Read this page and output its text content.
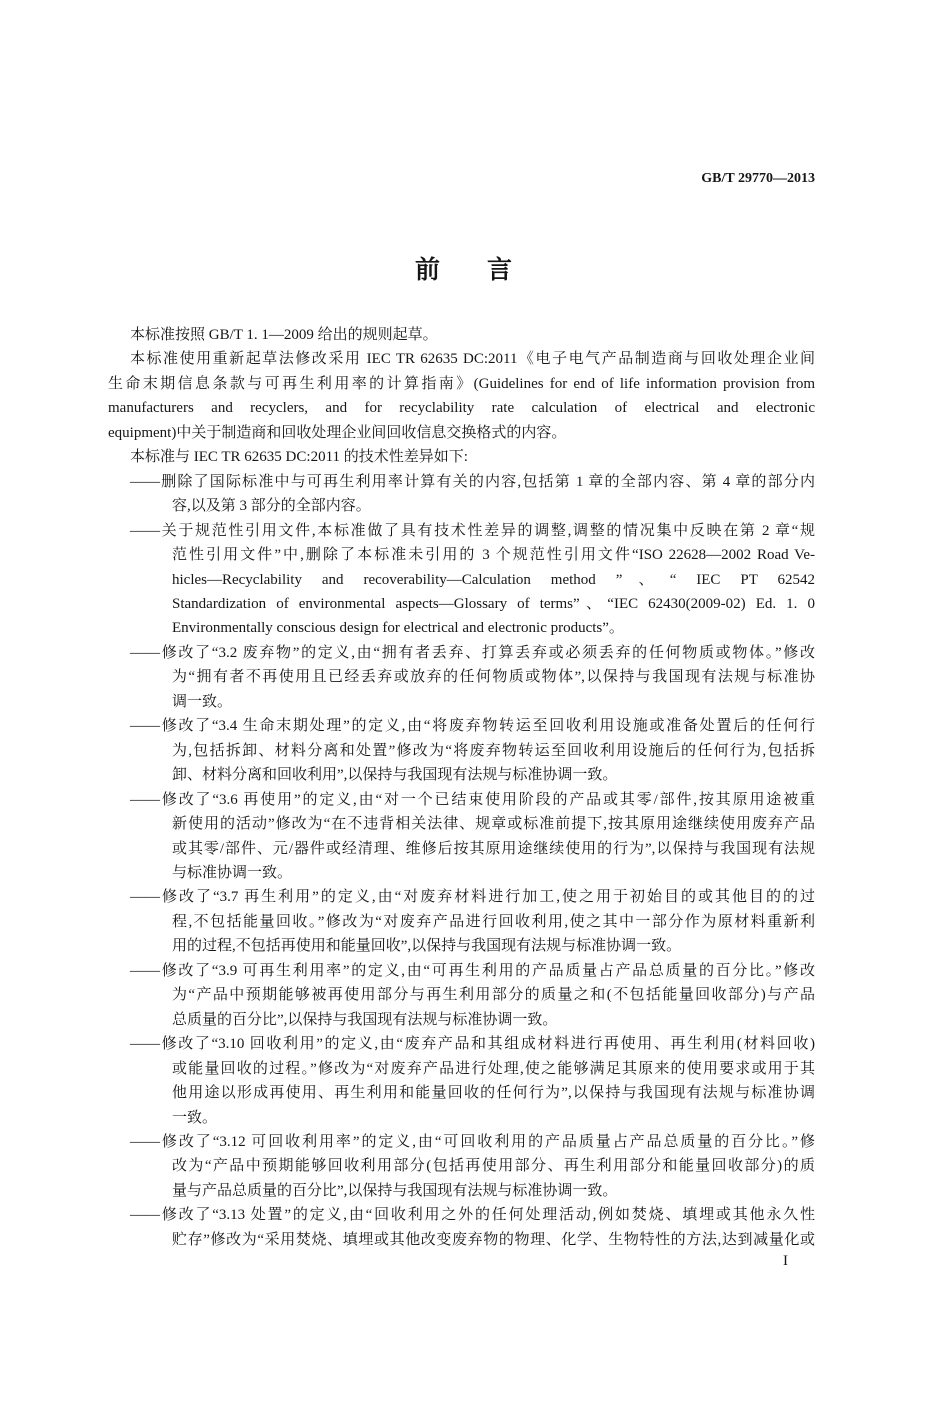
GB/T 29770—2013
前言
本标准按照 GB/T 1. 1—2009 给出的规则起草。
本标准使用重新起草法修改采用 IEC TR 62635 DC:2011《电子电气产品制造商与回收处理企业间
生命末期信息条款与可再生利用率的计算指南》(Guidelines for end of life information provision from
manufacturers and recyclers, and for recyclability rate calculation of electrical and electronic
equipment)中关于制造商和回收处理企业间回收信息交换格式的内容。
本标准与 IEC TR 62635 DC:2011 的技术性差异如下:
——删除了国际标准中与可再生利用率计算有关的内容,包括第 1 章的全部内容、第 4 章的部分内
容,以及第 3 部分的全部内容。
——关于规范性引用文件,本标准做了具有技术性差异的调整,调整的情况集中反映在第 2 章“规
范性引用文件”中,删除了本标准未引用的 3 个规范性引用文件“ISO 22628—2002 Road Ve-
hicles—Recyclability and recoverability—Calculation method ”、“ IEC PT 62542
Standardization of environmental aspects—Glossary of terms”、“IEC 62430(2009-02) Ed. 1. 0
Environmentally conscious design for electrical and electronic products”。
——修改了“3.2 废弃物”的定义,由“拥有者丢弃、打算丢弃或必须丢弃的任何物质或物体。”修改
为“拥有者不再使用且已经丢弃或放弃的任何物质或物体”,以保持与我国现有法规与标准协
调一致。
——修改了“3.4 生命末期处理”的定义,由“将废弃物转运至回收利用设施或准备处置后的任何行
为,包括拆卸、材料分离和处置”修改为“将废弃物转运至回收利用设施后的任何行为,包括拆
卸、材料分离和回收利用”,以保持与我国现有法规与标准协调一致。
——修改了“3.6 再使用”的定义,由“对一个已结束使用阶段的产品或其零/部件,按其原用途被重
新使用的活动”修改为“在不违背相关法律、规章或标准前提下,按其原用途继续使用废弃产品
或其零/部件、元/器件或经清理、维修后按其原用途继续使用的行为”,以保持与我国现有法规
与标准协调一致。
——修改了“3.7 再生利用”的定义,由“对废弃材料进行加工,使之用于初始目的或其他目的的过
程,不包括能量回收。”修改为“对废弃产品进行回收利用,使之其中一部分作为原材料重新利
用的过程,不包括再使用和能量回收”,以保持与我国现有法规与标准协调一致。
——修改了“3.9 可再生利用率”的定义,由“可再生利用的产品质量占产品总质量的百分比。”修改
为“产品中预期能够被再使用部分与再生利用部分的质量之和(不包括能量回收部分)与产品
总质量的百分比”,以保持与我国现有法规与标准协调一致。
——修改了“3.10 回收利用”的定义,由“废弃产品和其组成材料进行再使用、再生利用(材料回收)
或能量回收的过程。”修改为“对废弃产品进行处理,使之能够满足其原来的使用要求或用于其
他用途以形成再使用、再生利用和能量回收的任何行为”,以保持与我国现有法规与标准协调
一致。
——修改了“3.12 可回收利用率”的定义,由“可回收利用的产品质量占产品总质量的百分比。”修
改为“产品中预期能够回收利用部分(包括再使用部分、再生利用部分和能量回收部分)的质
量与产品总质量的百分比”,以保持与我国现有法规与标准协调一致。
——修改了“3.13 处置”的定义,由“回收利用之外的任何处理活动,例如焚烧、填埋或其他永久性
贮存”修改为“采用焚烧、填埋或其他改变废弃物的物理、化学、生物特性的方法,达到减量化或
I
